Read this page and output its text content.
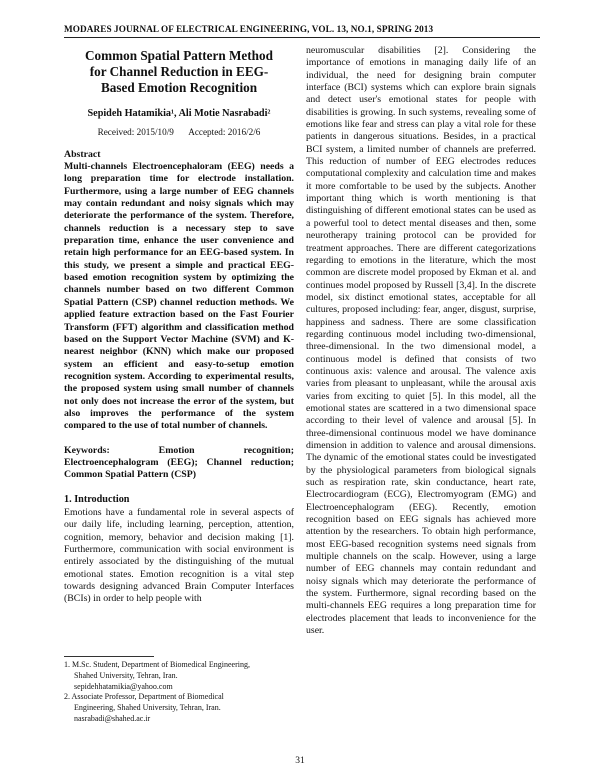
MODARES JOURNAL OF ELECTRICAL ENGINEERING, VOL. 13, NO.1, SPRING 2013
Common Spatial Pattern Method
for Channel Reduction in EEG-
Based Emotion Recognition
Sepideh Hatamikia¹, Ali Motie Nasrabadi²
Received: 2015/10/9 Accepted: 2016/2/6
Abstract
Multi-channels Electroencephaloram (EEG) needs a long preparation time for electrode installation. Furthermore, using a large number of EEG channels may contain redundant and noisy signals which may deteriorate the performance of the system. Therefore, channels reduction is a necessary step to save preparation time, enhance the user convenience and retain high performance for an EEG-based system. In this study, we present a simple and practical EEG-based emotion recognition system by optimizing the channels number based on two different Common Spatial Pattern (CSP) channel reduction methods. We applied feature extraction based on the Fast Fourier Transform (FFT) algorithm and classification method based on the Support Vector Machine (SVM) and K-nearest neighbor (KNN) which make our proposed system an efficient and easy-to-setup emotion recognition system. According to experimental results, the proposed system using small number of channels not only does not increase the error of the system, but also improves the performance of the system compared to the use of total number of channels.
Keywords: Emotion recognition; Electroencephalogram (EEG); Channel reduction; Common Spatial Pattern (CSP)
1. Introduction
Emotions have a fundamental role in several aspects of our daily life, including learning, perception, attention, cognition, memory, behavior and decision making [1]. Furthermore, communication with social environment is entirely associated by the distinguishing of the mutual emotional states. Emotion recognition is a vital step towards designing advanced Brain Computer Interfaces (BCIs) in order to help people with
1. M.Sc. Student, Department of Biomedical Engineering,
Shahed University, Tehran, Iran.
sepidehhatamikia@yahoo.com
2. Associate Professor, Department of Biomedical
Engineering, Shahed University, Tehran, Iran.
nasrabadi@shahed.ac.ir
neuromuscular disabilities [2]. Considering the importance of emotions in managing daily life of an individual, the need for designing brain computer interface (BCI) systems which can explore brain signals and detect user's emotional states for people with disabilities is growing. In such systems, revealing some of emotions like fear and stress can play a vital role for these patients in dangerous situations. Besides, in a practical BCI system, a limited number of channels are preferred. This reduction of number of EEG electrodes reduces computational complexity and calculation time and makes it more comfortable to be used by the subjects. Another important thing which is worth mentioning is that distinguishing of different emotional states can be used as a powerful tool to detect mental diseases and then, some neurotherapy training protocol can be provided for treatment approaches. There are different categorizations regarding to emotions in the literature, which the most common are discrete model proposed by Ekman et al. and continues model proposed by Russell [3,4]. In the discrete model, six distinct emotional states, acceptable for all cultures, proposed including: fear, anger, disgust, surprise, happiness and sadness. There are some classification regarding continuous model including two-dimensional, three-dimensional. In the two dimensional model, a continuous model is defined that consists of two continuous axis: valence and arousal. The valence axis varies from pleasant to unpleasant, while the arousal axis varies from exciting to quiet [5]. In this model, all the emotional states are scattered in a two dimensional space according to their level of valence and arousal [5]. In three-dimensional continuous model we have dominance dimension in addition to valence and arousal dimensions. The dynamic of the emotional states could be investigated by the physiological parameters from biological signals such as respiration rate, skin conductance, heart rate, Electrocardiogram (ECG), Electromyogram (EMG) and Electroencephalogram (EEG). Recently, emotion recognition based on EEG signals has achieved more attention by the researchers. To obtain high performance, most EEG-based recognition systems need signals from multiple channels on the scalp. However, using a large number of EEG channels may contain redundant and noisy signals which may deteriorate the performance of the system. Furthermore, signal recording based on the multi-channels EEG requires a long preparation time for electrodes placement that leads to inconvenience for the user.
31
